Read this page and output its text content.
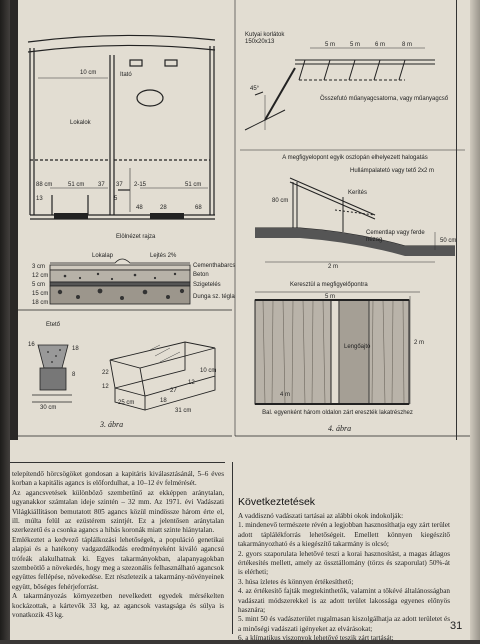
10 cm
Lokalok
Itató
37 37 2-15
51 cm	51 cm
88 cm
13	5
48	28	68
Elölnézet rajza
Lokalap	Lejtés 2%
Cementhabarcs
Beton
Szigetelés
Dunga sz. tégla
3 cm
12 cm
5 cm
15 cm
18 cm
Etető
16
18
8
30 cm
22
12
25 cm	18
27
12
10 cm
31 cm
3. ábra
Kutyai korlátok 150x20x13	5 m 5 m 6 m	8 m
45°
Összefutó műanyagcsatorna, vagy műanyagcső
A megfigyelopont egyik oszlopán elhelyezett halogatás
Hullámpalatetó vagy tető 2x2 m
Kerítés
80 cm
Cementlap vagy ferde hézag
2 m
50 cm
Keresztül a megfigyelőpontra
5 m
2 m
4 m
Lengőajtó
Bal. egyenként három oldalon zárt ereszték lakatrészhez
4. ábra

telepítendő hörcsögöket gondosan a kapitáris kiválasztásánál, 5–6 éves korban a kapitális agancs is előfordulhat, a 10–12 év felmérését.

Az agancsvetések különböző szembetűnő az ekképpen aránytalan, ugyanakkor számtalan ideje szintén – 32 mm. Az 1971. évi Vadászati Világkiállításon bemutatott 805 agancs közül mindössze három érte el, ill. múlta felül az ezüstérem szintjét. Ez a jelentősen aránytalan szerkezetű és a csonka agancs a hibás koronák miatt szinte hiánytalan.

Emlékeztet a kedvező táplálkozási lehetőségek, a populáció genetikai alapjai és a hatékony vadgazdálkodás eredményeként kiváló agancsú trófeák alakulhatnak ki. Egyes takarmányokban, alapanyagokban szembeötlő a növekedés, hogy meg a szezonális felhasználható agancsok együttes fellépése, növekedése. Ezt részletezik a takarmány-növényeinek együtt, bőséges fehérjeforrást.

A takarmányozás környezetben nevelkedett egyedek mérsékelten kockázottak, a kártevők 33 kg, az agancsok vastagsága és súlya is vonatkozik 43 kg.

Következtetések

A vaddisznó vadászati tartásai az alábbi okok indokolják:

1. mindenevő természete révén a legjobban hasznosíthatja egy zárt terület adott táplálékforrás lehetőségeit. Emellett könnyen kiegészítő takarmányozható és a kiegészítő takarmány is olcsó;

2. gyors szaporulata lehetővé teszi a korai hasznosítást, a magas átlagos értékesítés mellett, amely az össztállomány (törzs és szaporulat) 50%-át is elérheti;

3. húsa ízletes és könnyen értékesíthető;

4. az értékesítő fajták megtekinthetők, valamint a tőkévé általánosságban vadászati módszerekkel is az adott terület lakossága egyenes előnyös hasznára;

5. mint 50 és vadászterület rugalmasan kiszolgálhatja az adott területet és a minőségi vadászati igényeket az elvárásokat;

6. a klímatikus viszonyok lehetővé teszik zárt tartását;

31
